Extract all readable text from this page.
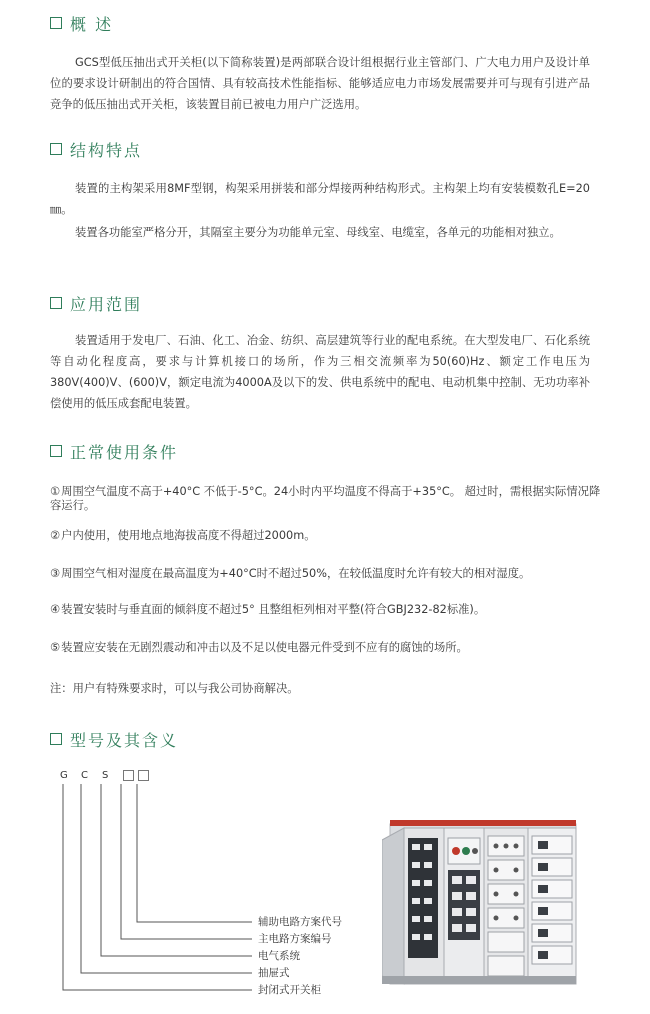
概 述
GCS型低压抽出式开关柜(以下简称装置)是两部联合设计组根据行业主管部门、广大电力用户及设计单位的要求设计研制出的符合国情、具有较高技术性能指标、能够适应电力市场发展需要并可与现有引进产品竞争的低压抽出式开关柜，该装置目前已被电力用户广泛选用。
结构特点
装置的主构架采用8MF型钢，构架采用拼装和部分焊接两种结构形式。主构架上均有安装模数孔E=20㎜。
装置各功能室严格分开，其隔室主要分为功能单元室、母线室、电缆室，各单元的功能相对独立。
应用范围
装置适用于发电厂、石油、化工、冶金、纺织、高层建筑等行业的配电系统。在大型发电厂、石化系统等自动化程度高，要求与计算机接口的场所，作为三相交流频率为50(60)Hz、额定工作电压为380V(400)V、(600)V，额定电流为4000A及以下的发、供电系统中的配电、电动机集中控制、无功功率补偿使用的低压成套配电装置。
正常使用条件
①周围空气温度不高于+40°C 不低于-5°C。24小时内平均温度不得高于+35°C。 超过时，需根据实际情况降容运行。
②户内使用，使用地点地海拔高度不得超过2000m。
③周围空气相对湿度在最高温度为+40°C时不超过50%，在较低温度时允许有较大的相对湿度。
④装置安装时与垂直面的倾斜度不超过5° 且整组柜列相对平整(符合GBJ232-82标准)。
⑤装置应安装在无剧烈震动和冲击以及不足以使电器元件受到不应有的腐蚀的场所。
注：用户有特殊要求时，可以与我公司协商解决。
型号及其含义
G	C	S
辅助电路方案代号
主电路方案编号
电气系统
抽屉式
封闭式开关柜
